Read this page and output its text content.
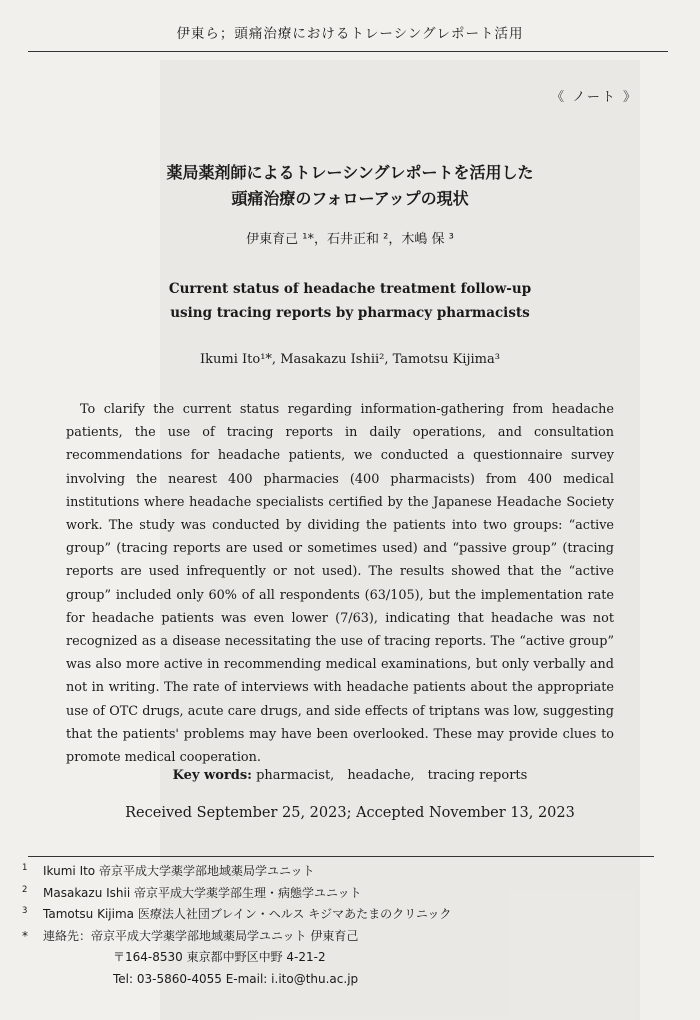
伊東ら；頭痛治療におけるトレーシングレポート活用
《 ノート 》
薬局薬剤師によるトレーシングレポートを活用した
頭痛治療のフォローアップの現状
伊東育己 ¹*，石井正和 ²，木嶋 保 ³
Current status of headache treatment follow-up
using tracing reports by pharmacy pharmacists
Ikumi Ito¹*, Masakazu Ishii², Tamotsu Kijima³

To clarify the current status regarding information-gathering from headache patients, the use of tracing reports in daily operations, and consultation recommendations for headache patients, we conducted a questionnaire survey involving the nearest 400 pharmacies (400 pharmacists) from 400 medical institutions where headache specialists certified by the Japanese Headache Society work. The study was conducted by dividing the patients into two groups: “active group” (tracing reports are used or sometimes used) and “passive group” (tracing reports are used infrequently or not used). The results showed that the “active group” included only 60% of all respondents (63/105), but the implementation rate for headache patients was even lower (7/63), indicating that headache was not recognized as a disease necessitating the use of tracing reports. The “active group” was also more active in recommending medical examinations, but only verbally and not in writing. The rate of interviews with headache patients about the appropriate use of OTC drugs, acute care drugs, and side effects of triptans was low, suggesting that the patients' problems may have been overlooked. These may provide clues to promote medical cooperation.

Key words: pharmacist,　headache,　tracing reports
Received September 25, 2023; Accepted November 13, 2023
1 Ikumi Ito 帝京平成大学薬学部地域薬局学ユニット
2 Masakazu Ishii 帝京平成大学薬学部生理・病態学ユニット
3 Tamotsu Kijima 医療法人社団ブレイン・ヘルス キジマあたまのクリニック
* 連絡先：帝京平成大学薬学部地域薬局学ユニット 伊東育己
〒164-8530 東京都中野区中野 4-21-2
Tel: 03-5860-4055 E-mail: i.ito@thu.ac.jp
